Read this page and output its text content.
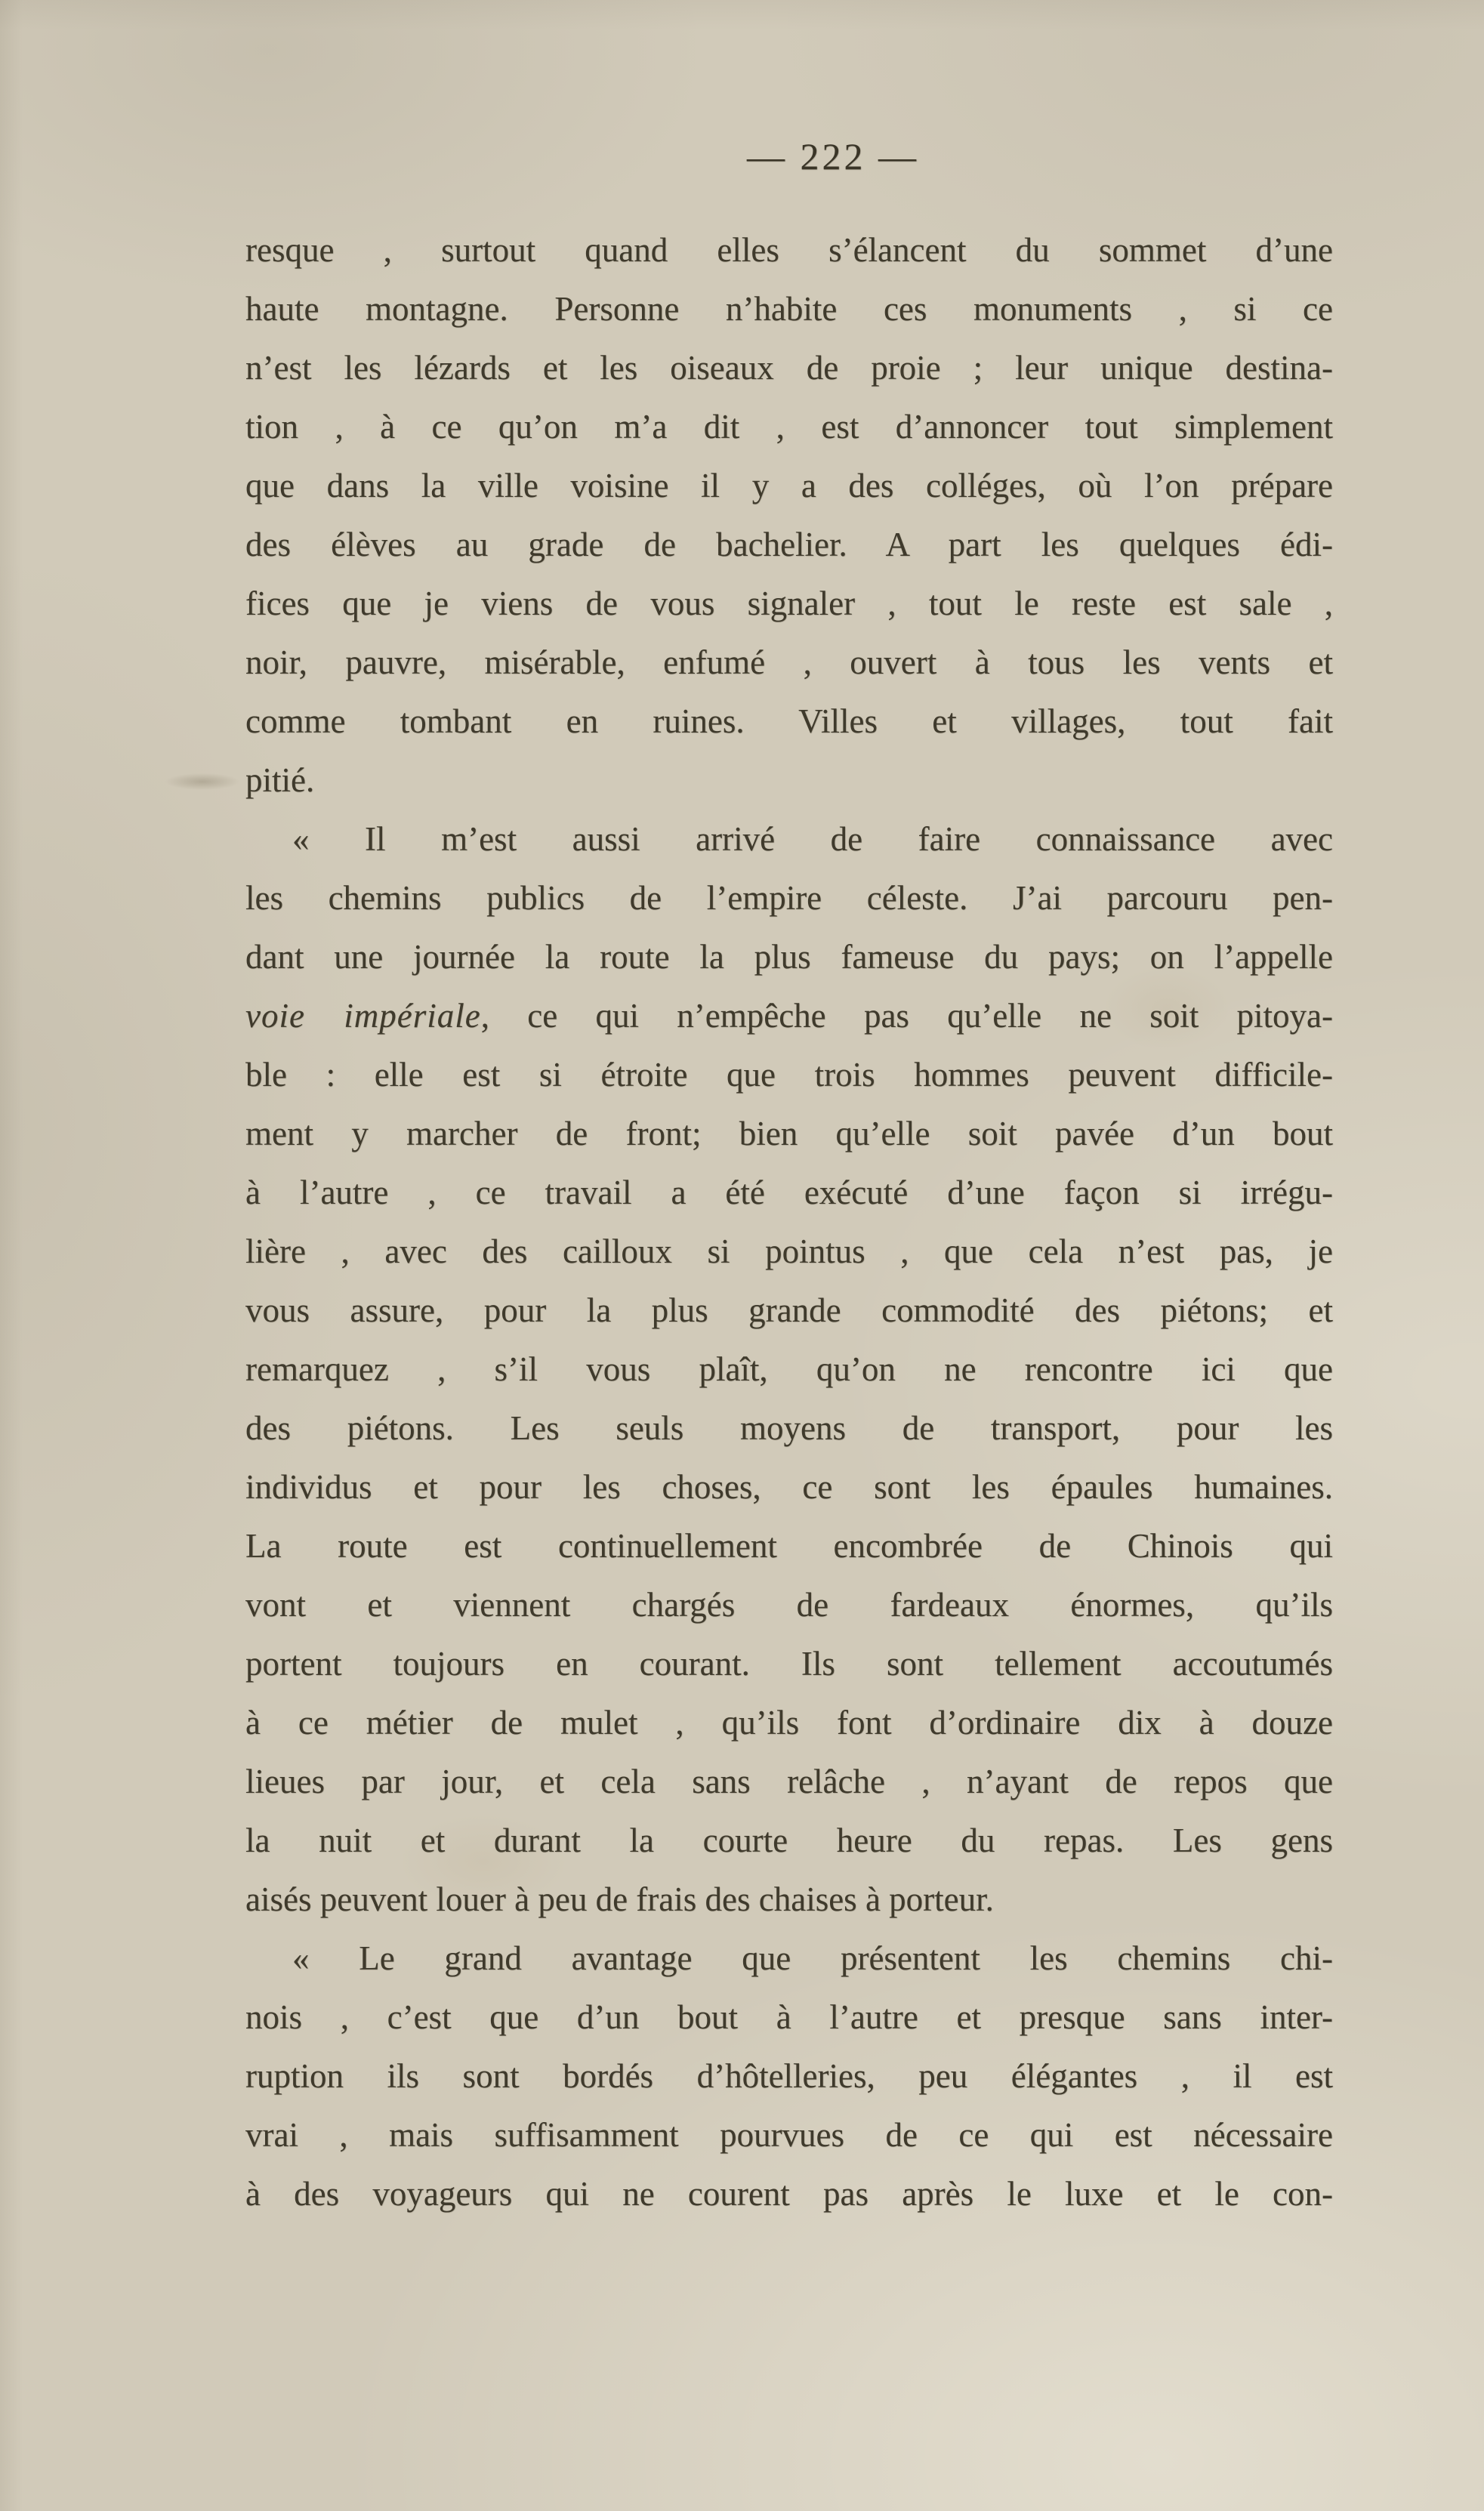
— 222 —
resque , surtout quand elles s’élancent du sommet d’une
haute montagne. Personne n’habite ces monuments , si ce
n’est les lézards et les oiseaux de proie ; leur unique destina-
tion , à ce qu’on m’a dit , est d’annoncer tout simplement
que dans la ville voisine il y a des colléges, où l’on prépare
des élèves au grade de bachelier. A part les quelques édi-
fices que je viens de vous signaler , tout le reste est sale ,
noir, pauvre, misérable, enfumé , ouvert à tous les vents et
comme tombant en ruines. Villes et villages, tout fait
pitié.
« Il m’est aussi arrivé de faire connaissance avec
les chemins publics de l’empire céleste. J’ai parcouru pen-
dant une journée la route la plus fameuse du pays; on l’appelle
voie impériale, ce qui n’empêche pas qu’elle ne soit pitoya-
ble : elle est si étroite que trois hommes peuvent difficile-
ment y marcher de front; bien qu’elle soit pavée d’un bout
à l’autre , ce travail a été exécuté d’une façon si irrégu-
lière , avec des cailloux si pointus , que cela n’est pas, je
vous assure, pour la plus grande commodité des piétons; et
remarquez , s’il vous plaît, qu’on ne rencontre ici que
des piétons. Les seuls moyens de transport, pour les
individus et pour les choses, ce sont les épaules humaines.
La route est continuellement encombrée de Chinois qui
vont et viennent chargés de fardeaux énormes, qu’ils
portent toujours en courant. Ils sont tellement accoutumés
à ce métier de mulet , qu’ils font d’ordinaire dix à douze
lieues par jour, et cela sans relâche , n’ayant de repos que
la nuit et durant la courte heure du repas. Les gens
aisés peuvent louer à peu de frais des chaises à porteur.
« Le grand avantage que présentent les chemins chi-
nois , c’est que d’un bout à l’autre et presque sans inter-
ruption ils sont bordés d’hôtelleries, peu élégantes , il est
vrai , mais suffisamment pourvues de ce qui est nécessaire
à des voyageurs qui ne courent pas après le luxe et le con-
